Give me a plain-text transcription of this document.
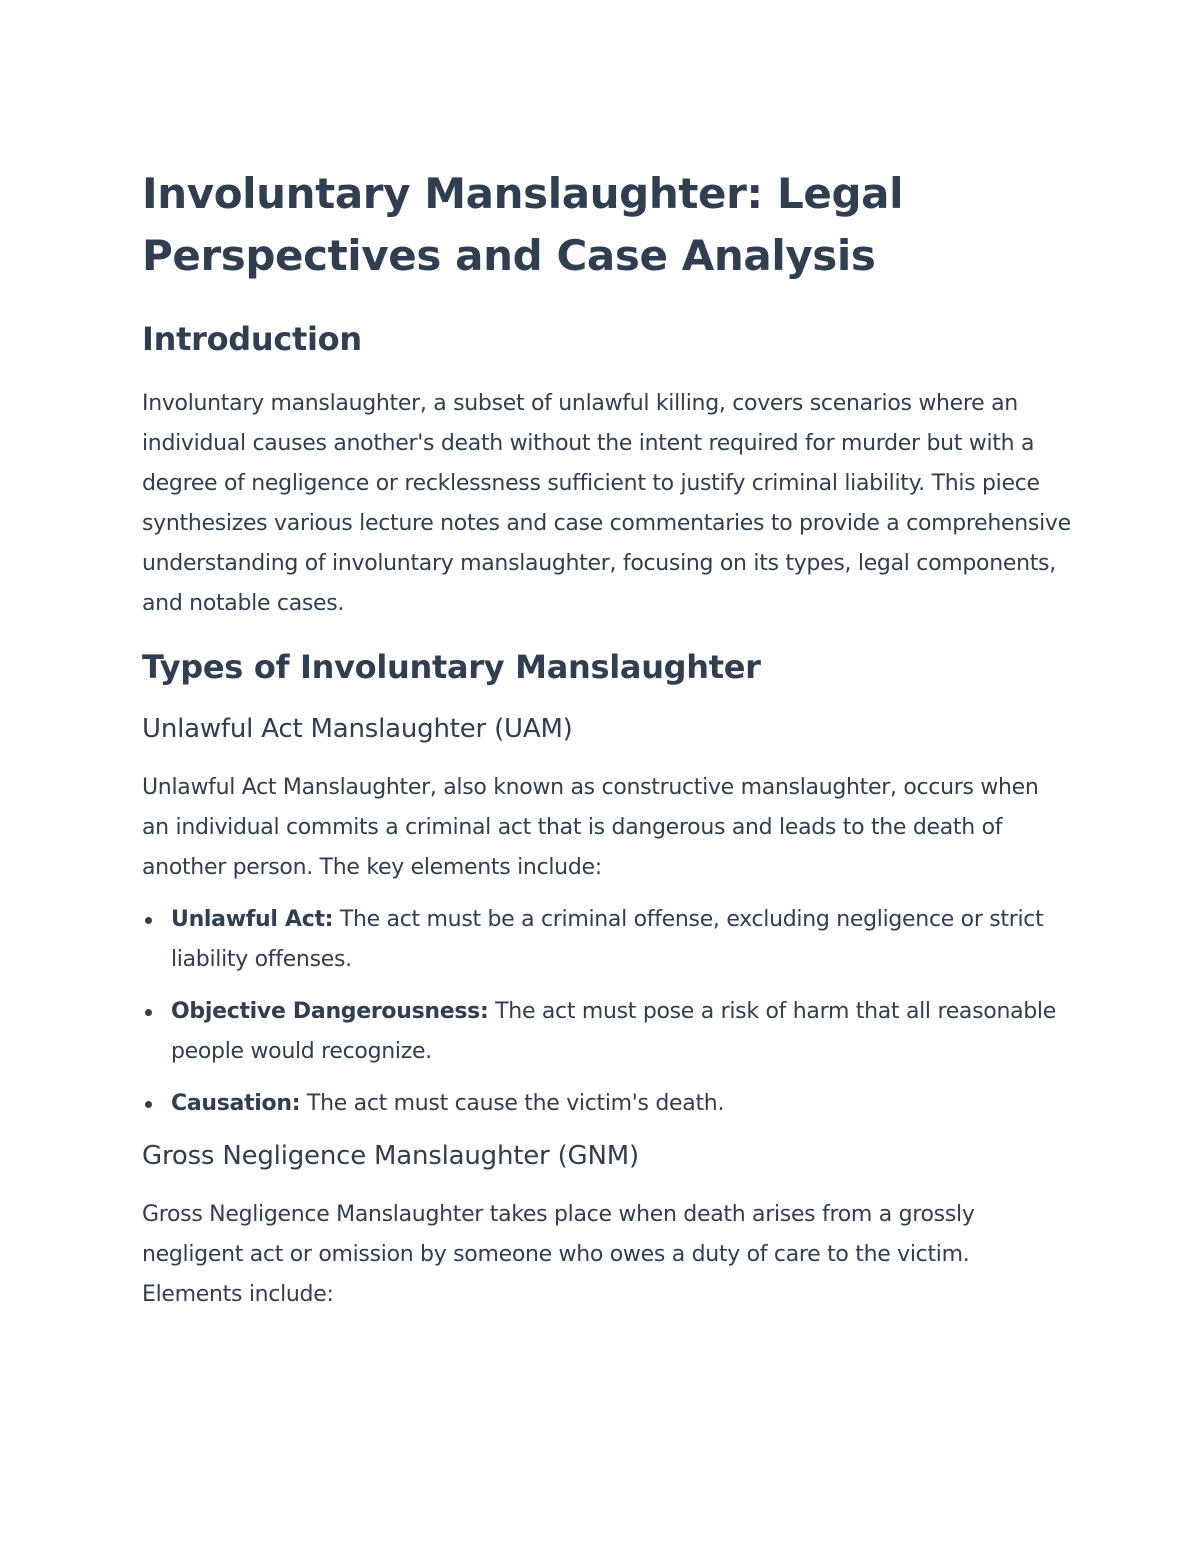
Involuntary Manslaughter: Legal Perspectives and Case Analysis
Introduction

Involuntary manslaughter, a subset of unlawful killing, covers scenarios where an individual causes another's death without the intent required for murder but with a degree of negligence or recklessness sufficient to justify criminal liability. This piece synthesizes various lecture notes and case commentaries to provide a comprehensive understanding of involuntary manslaughter, focusing on its types, legal components, and notable cases.

Types of Involuntary Manslaughter
Unlawful Act Manslaughter (UAM)

Unlawful Act Manslaughter, also known as constructive manslaughter, occurs when an individual commits a criminal act that is dangerous and leads to the death of another person. The key elements include:

Unlawful Act: The act must be a criminal offense, excluding negligence or strict liability offenses.
Objective Dangerousness: The act must pose a risk of harm that all reasonable people would recognize.
Causation: The act must cause the victim's death.
Gross Negligence Manslaughter (GNM)

Gross Negligence Manslaughter takes place when death arises from a grossly negligent act or omission by someone who owes a duty of care to the victim. Elements include:
